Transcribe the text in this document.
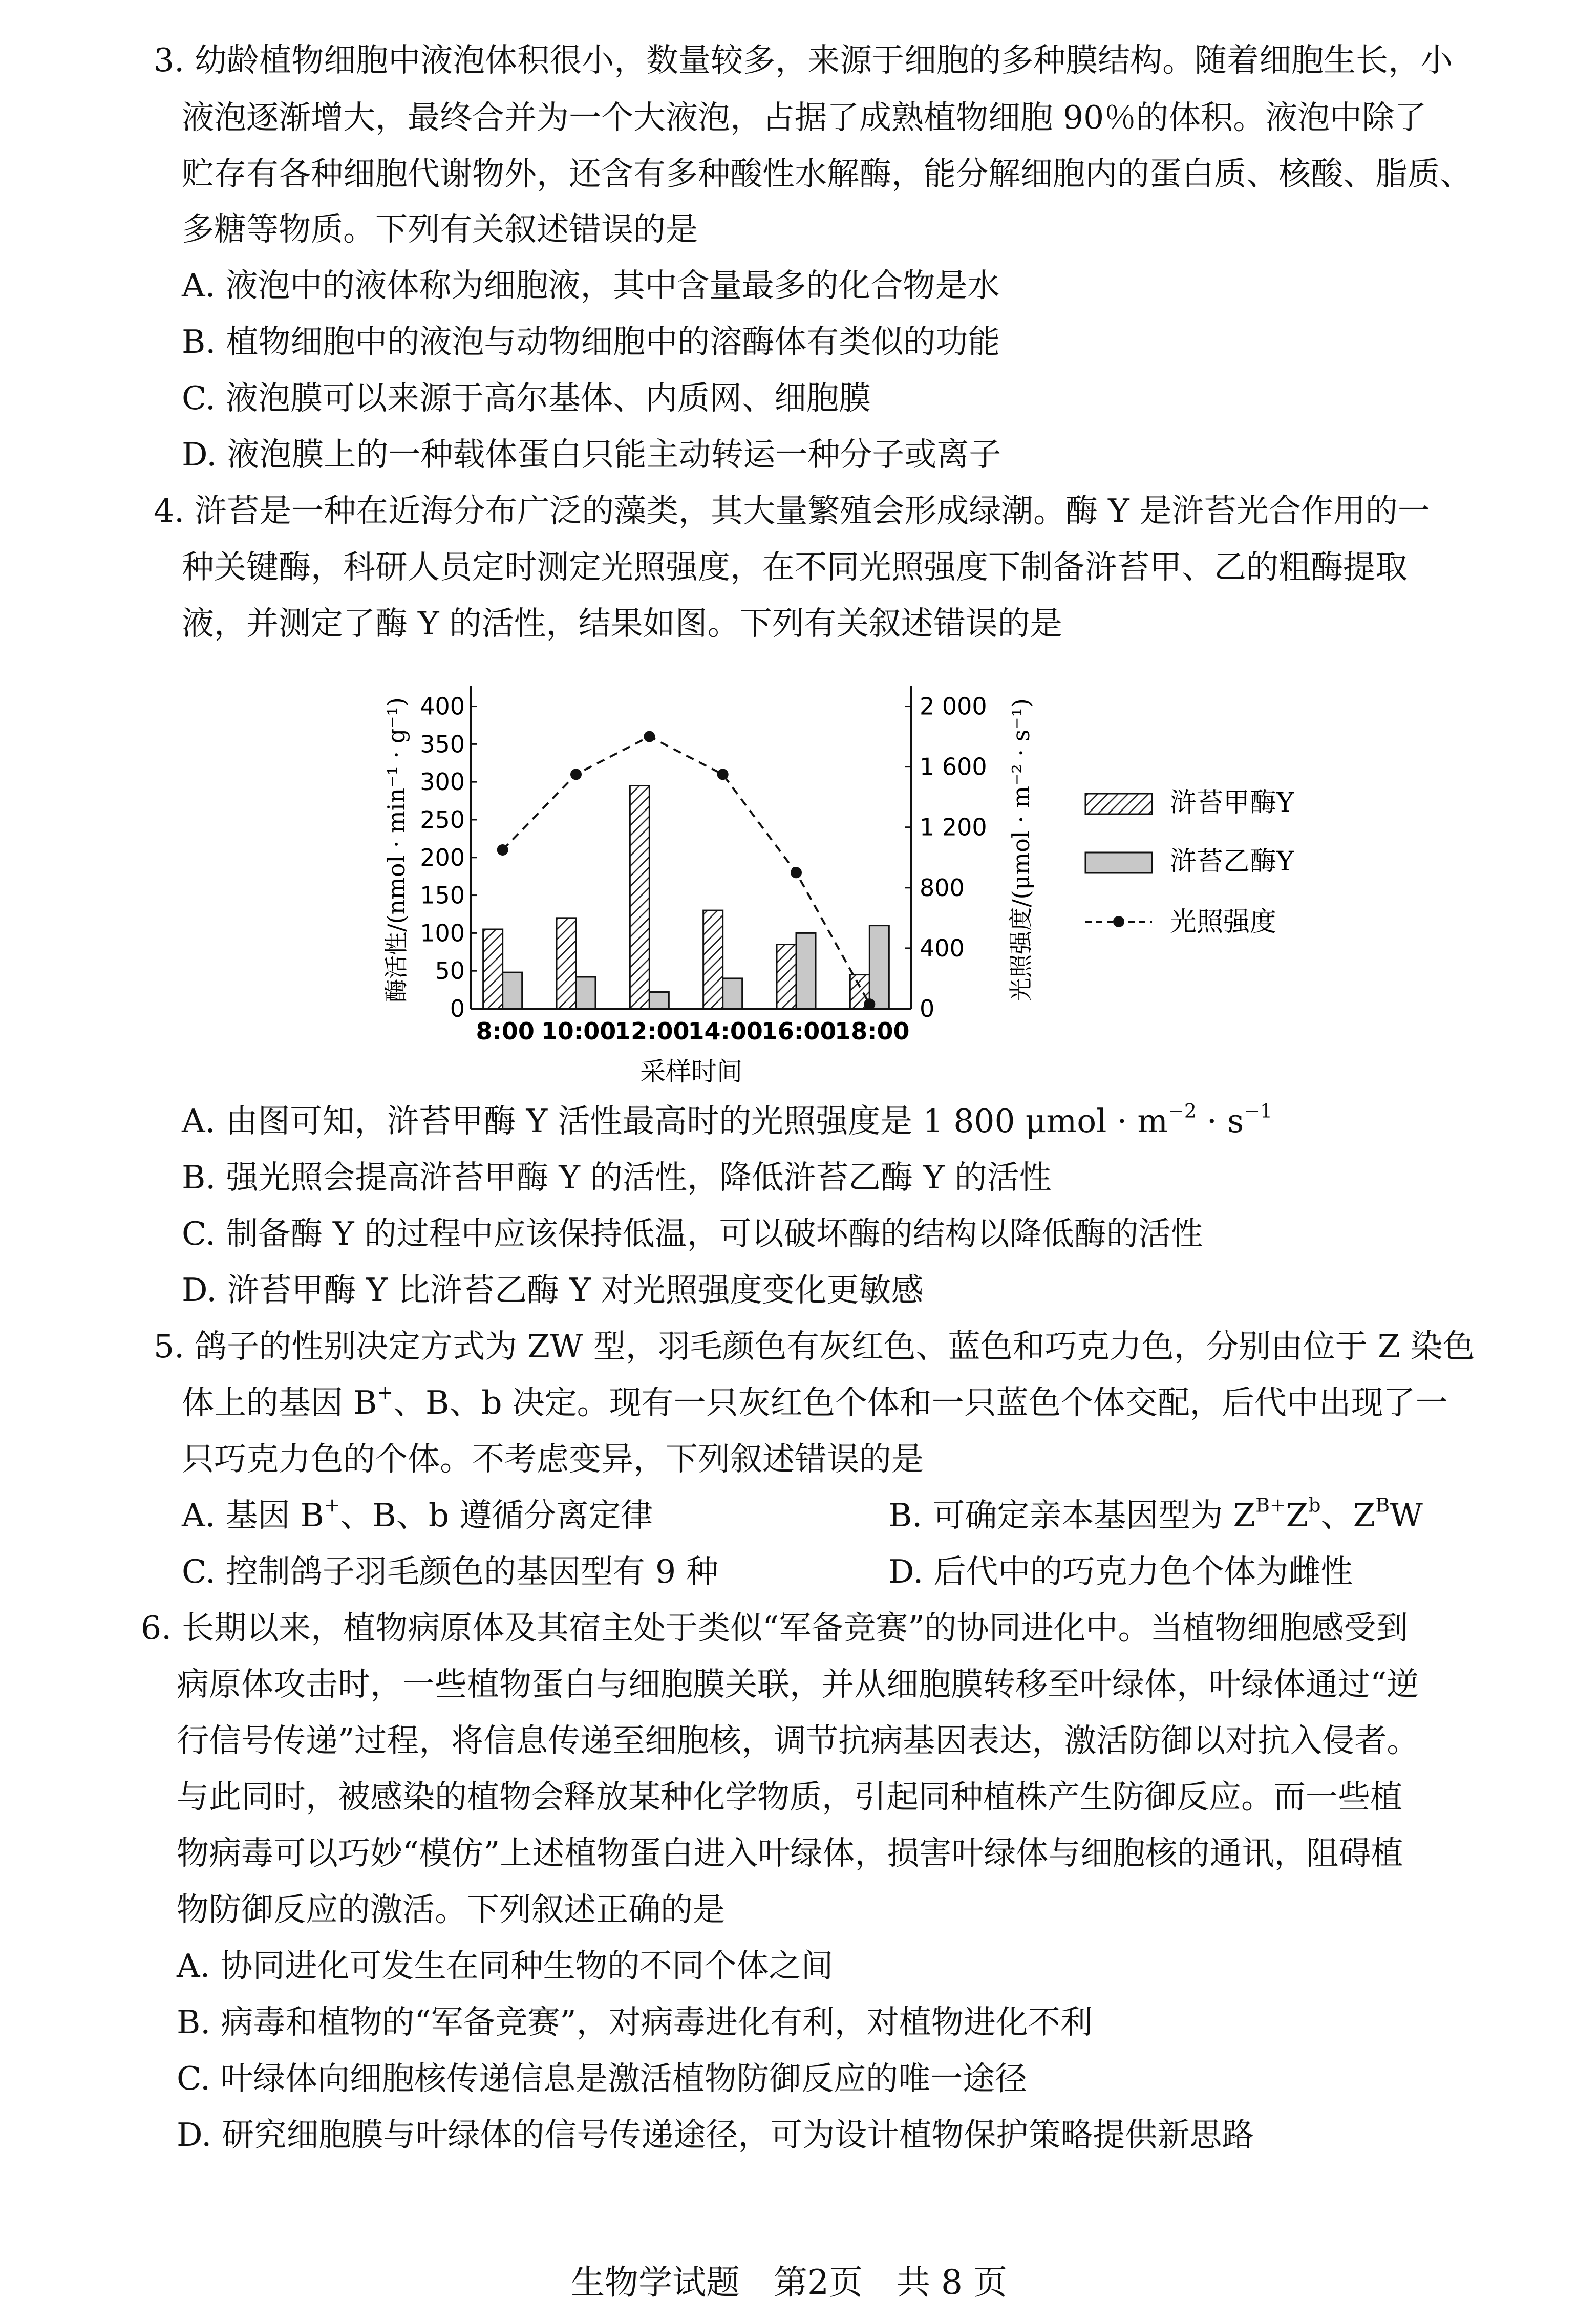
3. 幼龄植物细胞中液泡体积很小，数量较多，来源于细胞的多种膜结构。随着细胞生长，小
液泡逐渐增大，最终合并为一个大液泡，占据了成熟植物细胞 90％的体积。液泡中除了
贮存有各种细胞代谢物外，还含有多种酸性水解酶，能分解细胞内的蛋白质、核酸、脂质、
多糖等物质。下列有关叙述错误的是
A. 液泡中的液体称为细胞液，其中含量最多的化合物是水
B. 植物细胞中的液泡与动物细胞中的溶酶体有类似的功能
C. 液泡膜可以来源于高尔基体、内质网、细胞膜
D. 液泡膜上的一种载体蛋白只能主动转运一种分子或离子
4. 浒苔是一种在近海分布广泛的藻类，其大量繁殖会形成绿潮。酶 Y 是浒苔光合作用的一
种关键酶，科研人员定时测定光照强度，在不同光照强度下制备浒苔甲、乙的粗酶提取
液，并测定了酶 Y 的活性，结果如图。下列有关叙述错误的是
0
50
100
150
200
250
300
350
400
0
400
800
1 200
1 600
2 000
酶活性/(nmol · min⁻¹ · g⁻¹)	光照强度/(μmol · m⁻² · s⁻¹)
8:00 10:00
12:00
14:00
16:00
18:00
采样时间
浒苔甲酶Y
浒苔乙酶Y
光照强度
A. 由图可知，浒苔甲酶 Y 活性最高时的光照强度是 1 800 $\mu mol \cdot m^{-2} \cdot s^{-1}$
B. 强光照会提高浒苔甲酶 Y 的活性，降低浒苔乙酶 Y 的活性
C. 制备酶 Y 的过程中应该保持低温，可以破坏酶的结构以降低酶的活性
D. 浒苔甲酶 Y 比浒苔乙酶 Y 对光照强度变化更敏感
5. 鸽子的性别决定方式为 ZW 型，羽毛颜色有灰红色、蓝色和巧克力色，分别由位于 Z 染色
体上的基因 B+、B、b 决定。现有一只灰红色个体和一只蓝色个体交配，后代中出现了一
只巧克力色的个体。不考虑变异，下列叙述错误的是
A. 基因 B+、B、b 遵循分离定律	B. 可确定亲本基因型为 $Z^{B+}Z^b$、$Z^BW$
C. 控制鸽子羽毛颜色的基因型有 9 种	D. 后代中的巧克力色个体为雌性
6. 长期以来，植物病原体及其宿主处于类似“军备竞赛”的协同进化中。当植物细胞感受到
病原体攻击时，一些植物蛋白与细胞膜关联，并从细胞膜转移至叶绿体，叶绿体通过“逆
行信号传递”过程，将信息传递至细胞核，调节抗病基因表达，激活防御以对抗入侵者。
与此同时，被感染的植物会释放某种化学物质，引起同种植株产生防御反应。而一些植
物病毒可以巧妙“模仿”上述植物蛋白进入叶绿体，损害叶绿体与细胞核的通讯，阻碍植
物防御反应的激活。下列叙述正确的是
A. 协同进化可发生在同种生物的不同个体之间
B. 病毒和植物的“军备竞赛”，对病毒进化有利，对植物进化不利
C. 叶绿体向细胞核传递信息是激活植物防御反应的唯一途径
D. 研究细胞膜与叶绿体的信号传递途径，可为设计植物保护策略提供新思路
生物学试题　第2页　共 8 页
